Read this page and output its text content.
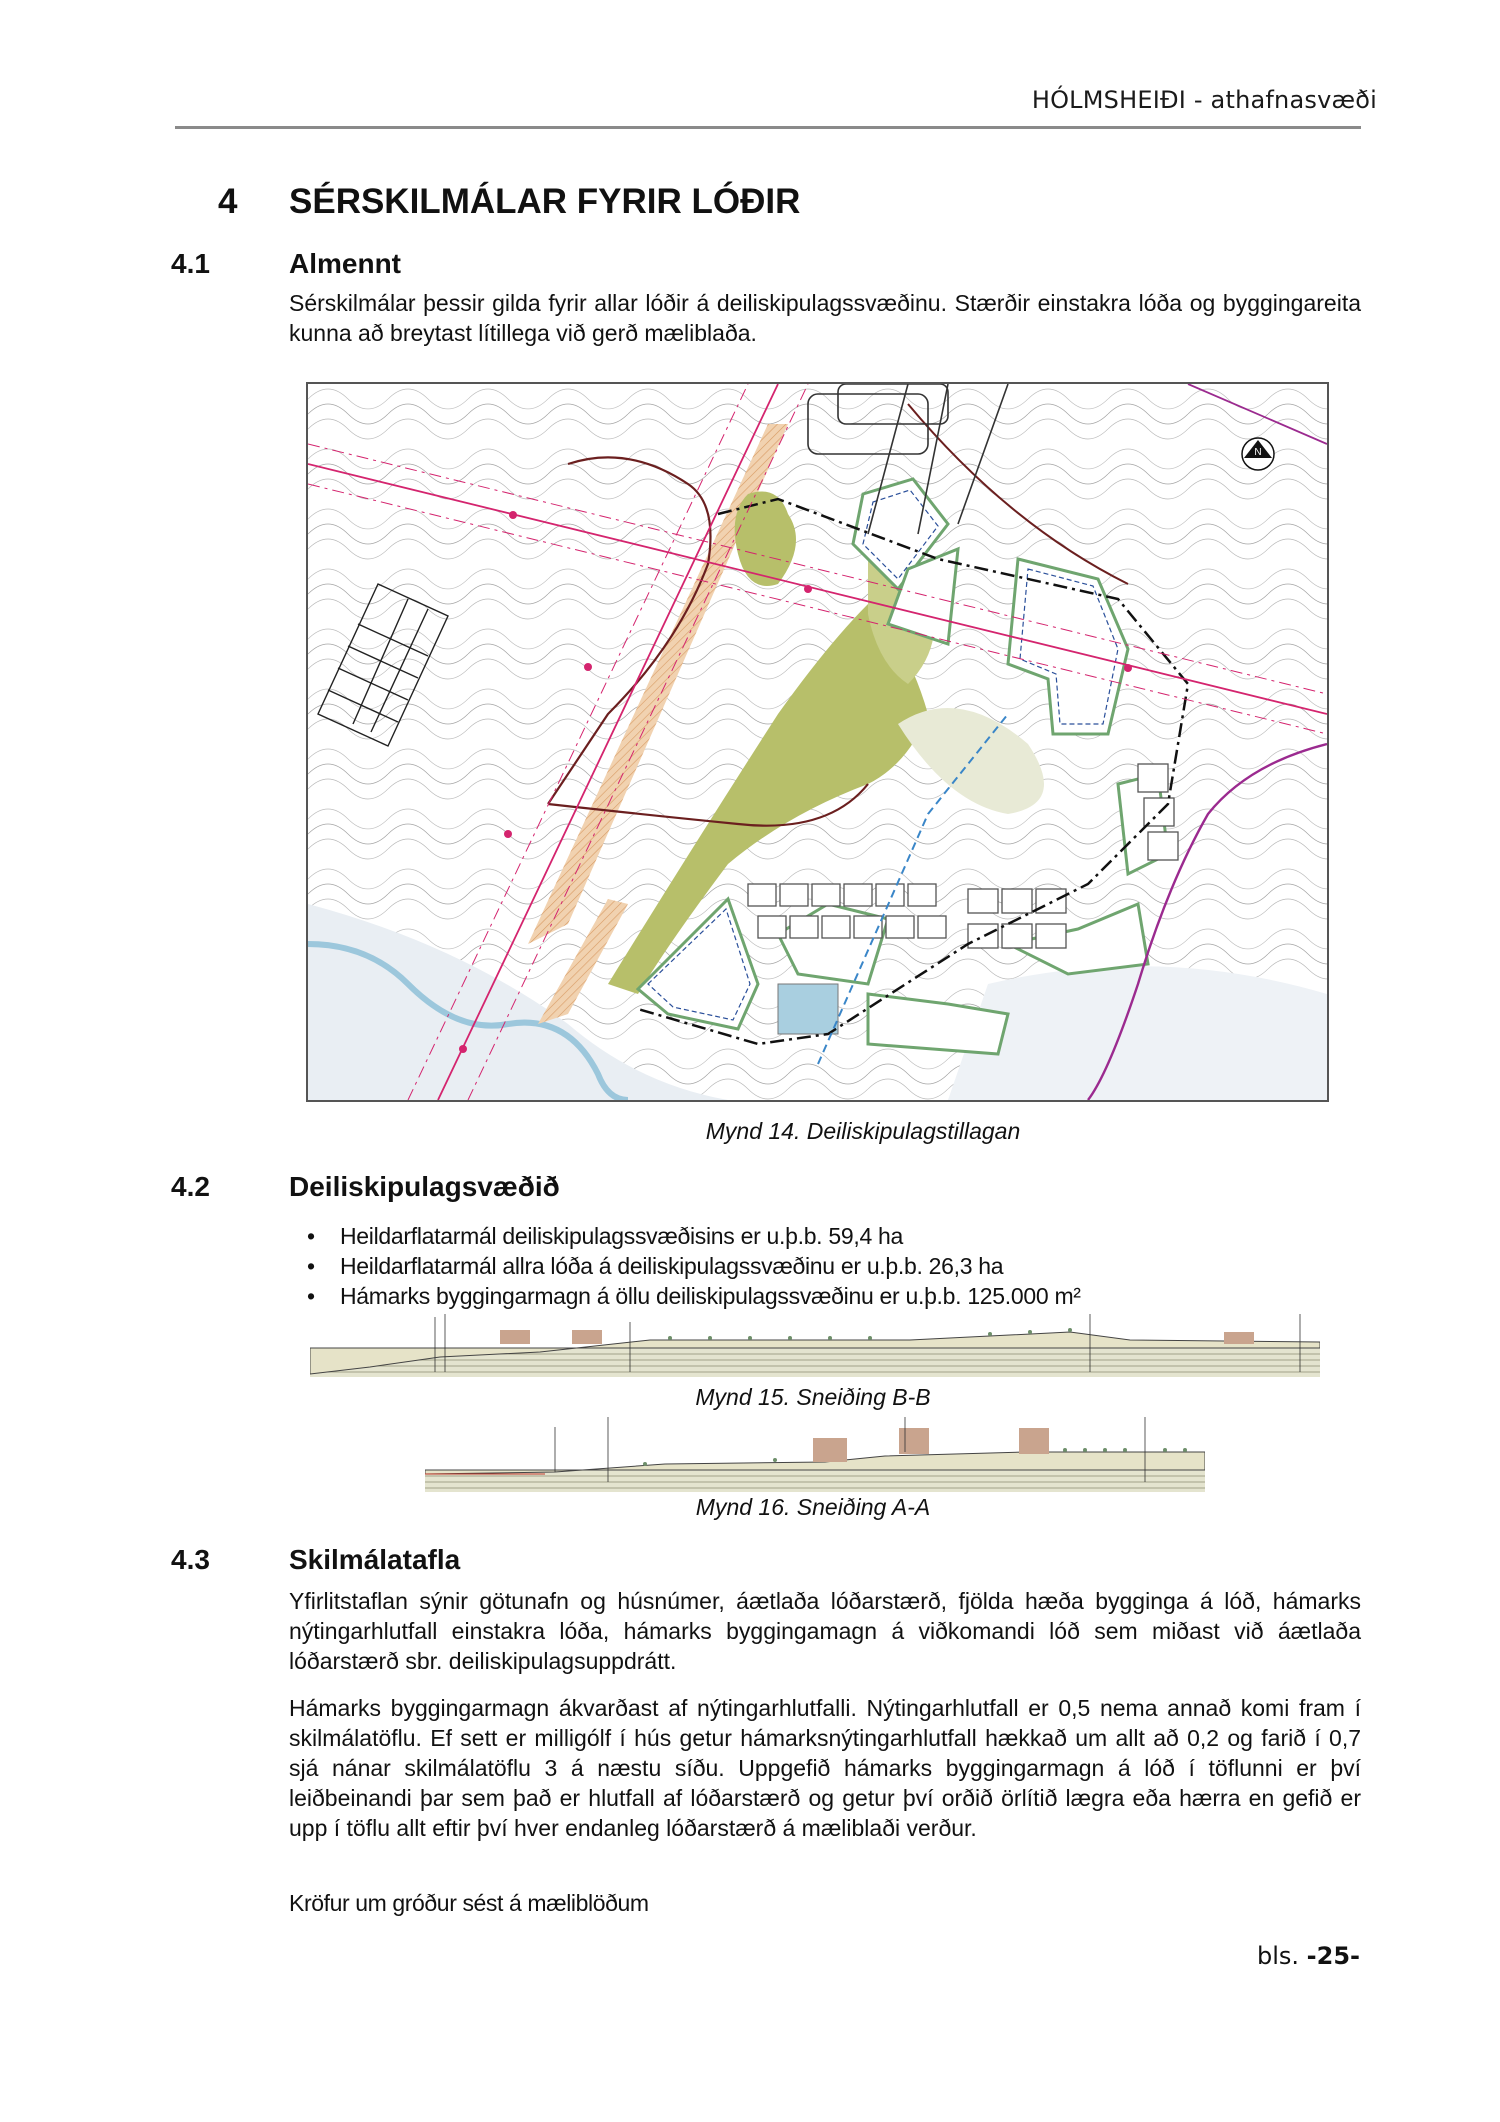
HÓLMSHEIÐI - athafnasvæði
4 SÉRSKILMÁLAR FYRIR LÓÐIR
4.1	Almennt
Sérskilmálar þessir gilda fyrir allar lóðir á deiliskipulagssvæðinu. Stærðir einstakra lóða og byggingareita kunna að breytast lítillega við gerð mæliblaða.
N
Mynd 14. Deiliskipulagstillagan
4.2	Deiliskipulagsvæðið
• Heildarflatarmál deiliskipulagssvæðisins er u.þ.b. 59,4 ha
• Heildarflatarmál allra lóða á deiliskipulagssvæðinu er u.þ.b. 26,3 ha
• Hámarks byggingarmagn á öllu deiliskipulagssvæðinu er u.þ.b. 125.000 m²
Mynd 15. Sneiðing B-B
Mynd 16. Sneiðing A-A
4.3	Skilmálatafla
Yfirlitstaflan sýnir götunafn og húsnúmer, áætlaða lóðarstærð, fjölda hæða bygginga á lóð, hámarks nýtingarhlutfall einstakra lóða, hámarks byggingamagn á viðkomandi lóð sem miðast við áætlaða lóðarstærð sbr. deiliskipulagsuppdrátt.
Hámarks byggingarmagn ákvarðast af nýtingarhlutfalli. Nýtingarhlutfall er 0,5 nema annað komi fram í skilmálatöflu. Ef sett er milligólf í hús getur hámarksnýtingarhlutfall hækkað um allt að 0,2 og farið í 0,7 sjá nánar skilmálatöflu 3 á næstu síðu. Uppgefið hámarks byggingarmagn á lóð í töflunni er því leiðbeinandi þar sem það er hlutfall af lóðarstærð og getur því orðið örlítið lægra eða hærra en gefið er upp í töflu allt eftir því hver endanleg lóðarstærð á mæliblaði verður.
Kröfur um gróður sést á mæliblöðum
bls. -25-
